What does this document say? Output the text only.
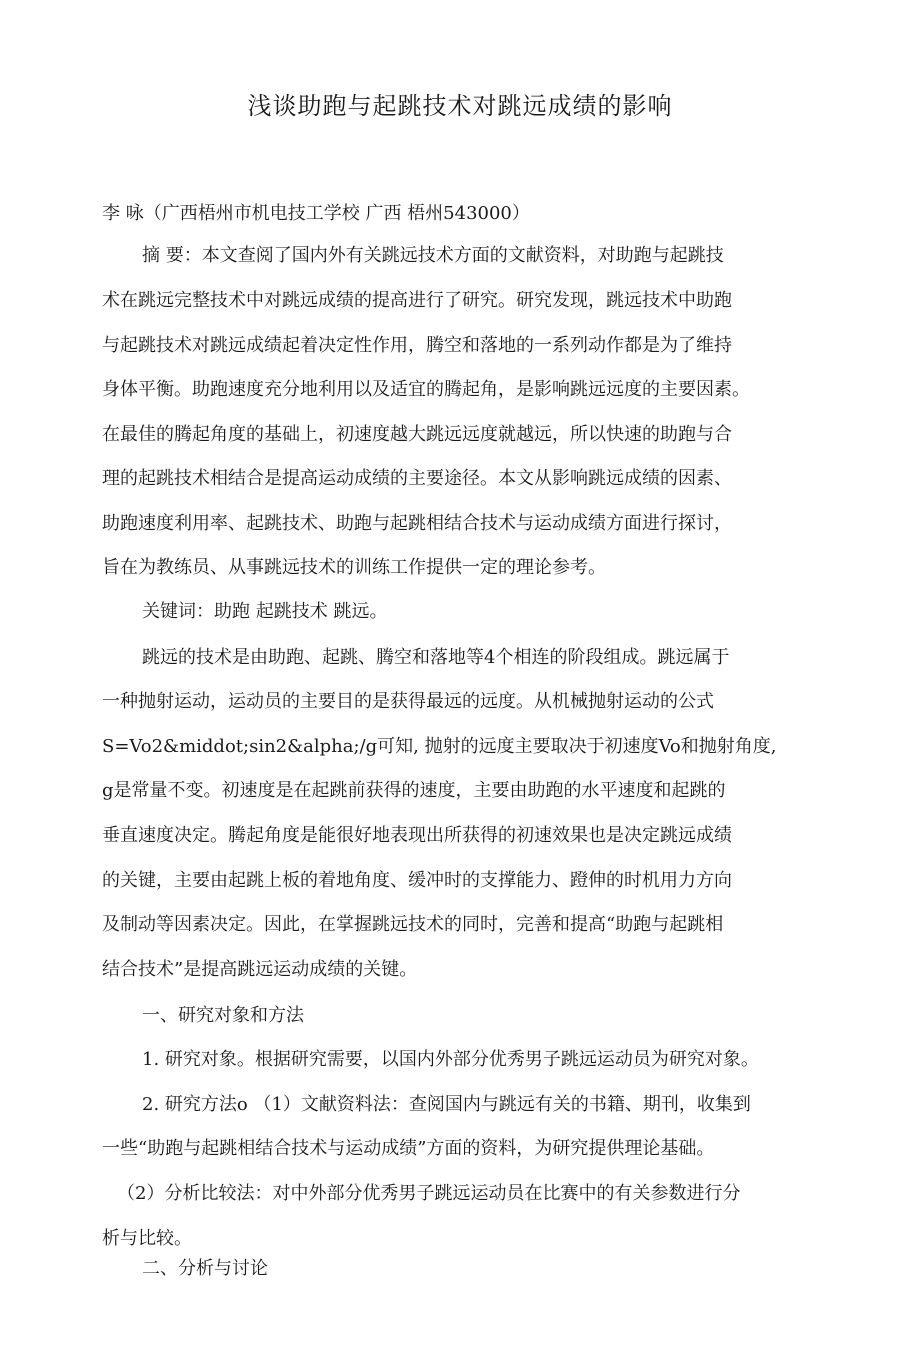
浅谈助跑与起跳技术对跳远成绩的影响
李 咏（广西梧州市机电技工学校 广西 梧州543000）
摘 要：本文查阅了国内外有关跳远技术方面的文献资料，对助跑与起跳技
术在跳远完整技术中对跳远成绩的提高进行了研究。研究发现，跳远技术中助跑
与起跳技术对跳远成绩起着决定性作用，腾空和落地的一系列动作都是为了维持
身体平衡。助跑速度充分地利用以及适宜的腾起角，是影响跳远远度的主要因素。
在最佳的腾起角度的基础上，初速度越大跳远远度就越远，所以快速的助跑与合
理的起跳技术相结合是提高运动成绩的主要途径。本文从影响跳远成绩的因素、
助跑速度利用率、起跳技术、助跑与起跳相结合技术与运动成绩方面进行探讨，
旨在为教练员、从事跳远技术的训练工作提供一定的理论参考。
关键词：助跑 起跳技术 跳远。
跳远的技术是由助跑、起跳、腾空和落地等4个相连的阶段组成。跳远属于
一种抛射运动，运动员的主要目的是获得最远的远度。从机械抛射运动的公式
S=Vo2&middot;sin2&alpha;/g可知, 抛射的远度主要取决于初速度Vo和抛射角度,
g是常量不变。初速度是在起跳前获得的速度，主要由助跑的水平速度和起跳的
垂直速度决定。腾起角度是能很好地表现出所获得的初速效果也是决定跳远成绩
的关键，主要由起跳上板的着地角度、缓冲时的支撑能力、蹬伸的时机用力方向
及制动等因素决定。因此，在掌握跳远技术的同时，完善和提高“助跑与起跳相
结合技术”是提高跳远运动成绩的关键。
一、研究对象和方法
1. 研究对象。根据研究需要，以国内外部分优秀男子跳远运动员为研究对象。
2. 研究方法o （1）文献资料法：查阅国内与跳远有关的书籍、期刊，收集到
一些“助跑与起跳相结合技术与运动成绩”方面的资料，为研究提供理论基础。
（2）分析比较法：对中外部分优秀男子跳远运动员在比赛中的有关参数进行分
析与比较。
二、分析与讨论
